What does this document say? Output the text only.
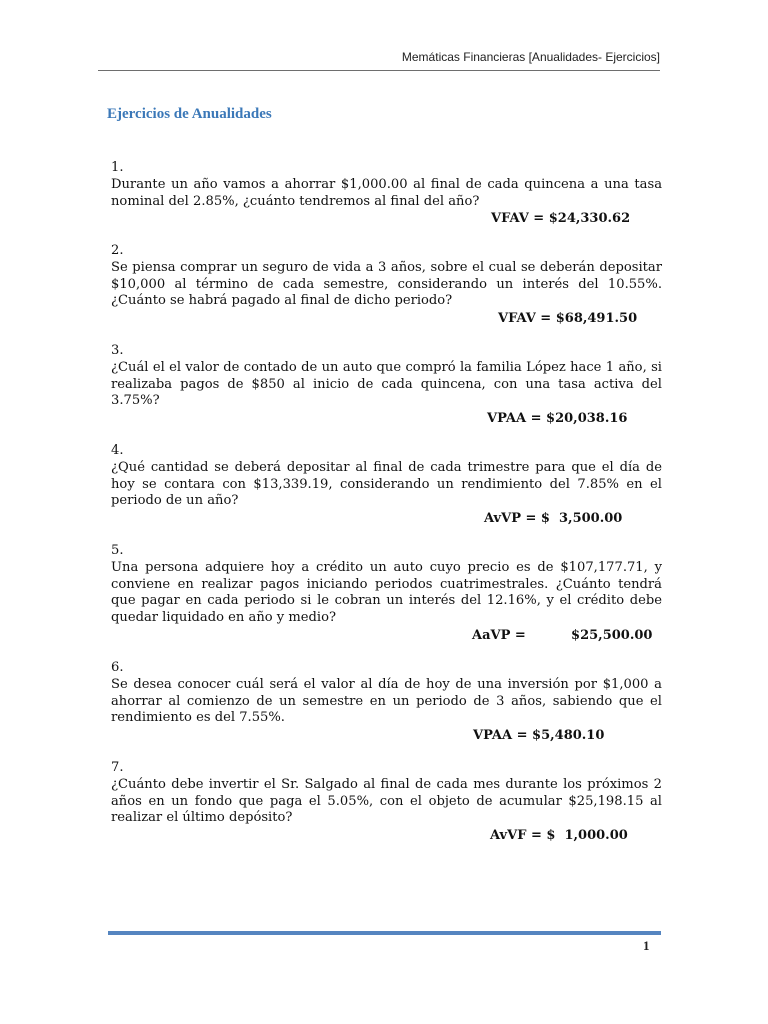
Memáticas Financieras [Anualidades- Ejercicios]
Ejercicios de Anualidades
1.
Durante un año vamos a ahorrar $1,000.00 al final de cada quincena a una tasa nominal del 2.85%, ¿cuánto tendremos al final del año?
VFAV = $24,330.62
2.
Se piensa comprar un seguro de vida a 3 años, sobre el cual se deberán depositar $10,000 al término de cada semestre, considerando un interés del 10.55%. ¿Cuánto se habrá pagado al final de dicho periodo?
VFAV = $68,491.50
3.
¿Cuál el el valor de contado de un auto que compró la familia López hace 1 año, si realizaba pagos de $850 al inicio de cada quincena, con una tasa activa del 3.75%?
VPAA = $20,038.16
4.
¿Qué cantidad se deberá depositar al final de cada trimestre para que el día de hoy se contara con $13,339.19, considerando un rendimiento del 7.85% en el periodo de un año?
AvVP = $  3,500.00
5.
Una persona adquiere hoy a crédito un auto cuyo precio es de $107,177.71, y conviene en realizar pagos iniciando periodos cuatrimestrales. ¿Cuánto tendrá que pagar en cada periodo si le cobran un interés del 12.16%, y el crédito debe quedar liquidado en año y medio?
AaVP =          $25,500.00
6.
Se desea conocer cuál será el valor al día de hoy de una inversión por $1,000 a ahorrar al comienzo de un semestre en un periodo de 3 años, sabiendo que el rendimiento es del 7.55%.
VPAA = $5,480.10
7.
¿Cuánto debe invertir el Sr. Salgado al final de cada mes durante los próximos 2 años en un fondo que paga el 5.05%, con el objeto de acumular $25,198.15 al realizar el último depósito?
AvVF = $  1,000.00
1
